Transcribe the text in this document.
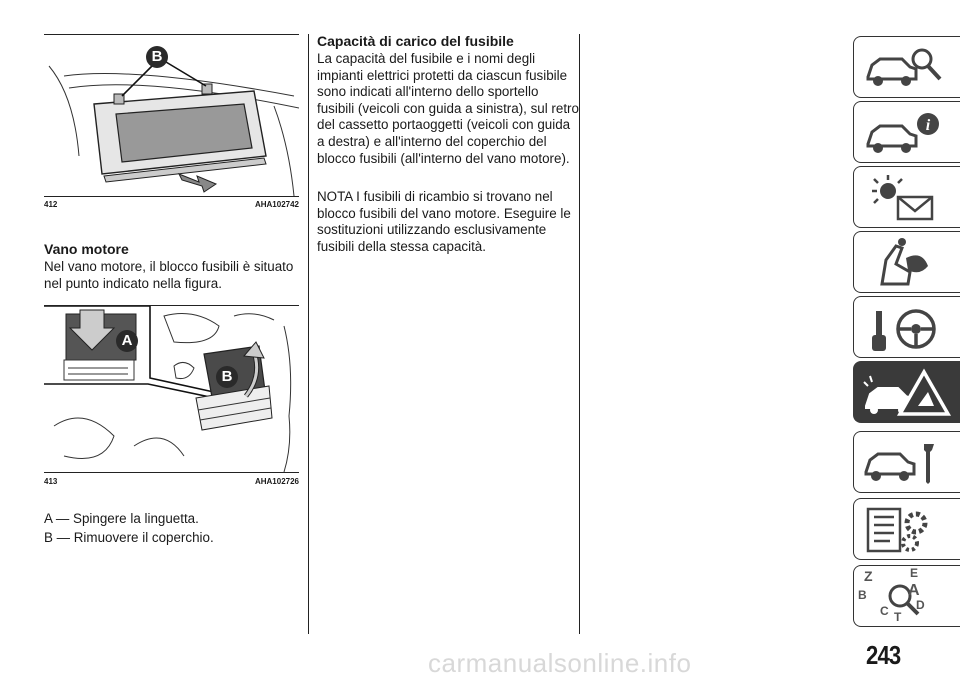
B
412	AHA102742
Vano motore
Nel vano motore, il blocco fusibili è situato nel punto indicato nella figura.
A
B
413	AHA102726
A — Spingere la linguetta.
B — Rimuovere il coperchio.
Capacità di carico del fusibile
La capacità del fusibile e i nomi degli impianti elettrici protetti da ciascun fusibile sono indicati all'interno dello sportello fusibili (veicoli con guida a sinistra), sul retro del cassetto portaoggetti (veicoli con guida a destra) e all'interno del coperchio del blocco fusibili (all'interno del vano motore).
NOTA I fusibili di ricambio si trovano nel blocco fusibili del vano motore. Eseguire le sostituzioni utilizzando esclusivamente fusibili della stessa capacità.
i
Z	E
B	A
C D
T
243
carmanualsonline.info
